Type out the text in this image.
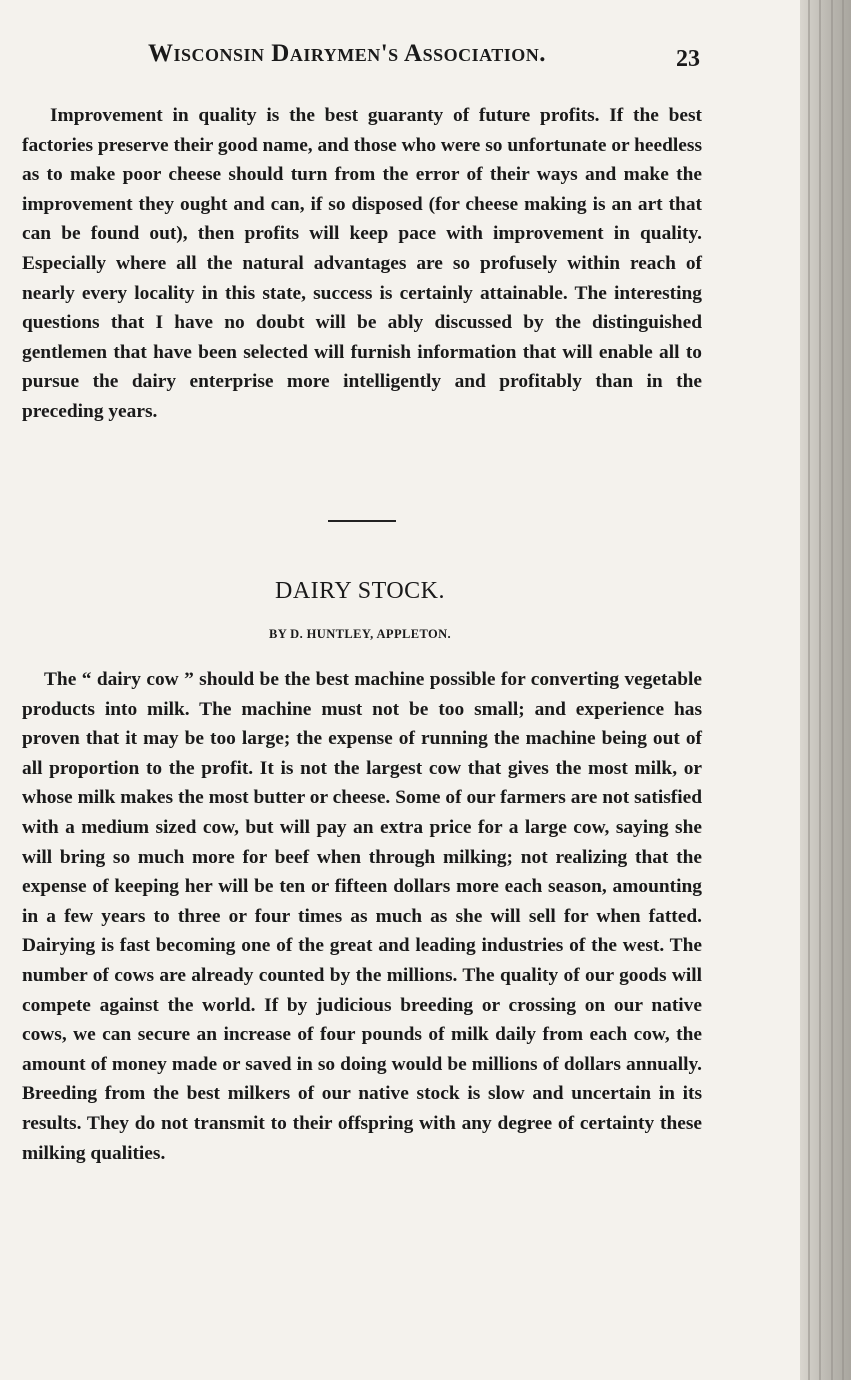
Wisconsin Dairymen's Association.	23

Improvement in quality is the best guaranty of future profits. If the best factories preserve their good name, and those who were so unfortunate or heedless as to make poor cheese should turn from the error of their ways and make the improvement they ought and can, if so disposed (for cheese making is an art that can be found out), then profits will keep pace with improvement in quality. Especially where all the natural advantages are so profusely within reach of nearly every locality in this state, success is certainly attainable. The interesting questions that I have no doubt will be ably discussed by the distinguished gentlemen that have been selected will furnish information that will enable all to pursue the dairy enterprise more intelligently and profitably than in the preceding years.

DAIRY STOCK.
BY D. HUNTLEY, APPLETON.

The “ dairy cow ” should be the best machine possible for converting vegetable products into milk. The machine must not be too small; and experience has proven that it may be too large; the expense of running the machine being out of all proportion to the profit. It is not the largest cow that gives the most milk, or whose milk makes the most butter or cheese. Some of our farmers are not satisfied with a medium sized cow, but will pay an extra price for a large cow, saying she will bring so much more for beef when through milking; not realizing that the expense of keeping her will be ten or fifteen dollars more each season, amounting in a few years to three or four times as much as she will sell for when fatted. Dairying is fast becoming one of the great and leading industries of the west. The number of cows are already counted by the millions. The quality of our goods will compete against the world. If by judicious breeding or crossing on our native cows, we can secure an increase of four pounds of milk daily from each cow, the amount of money made or saved in so doing would be millions of dollars annually. Breeding from the best milkers of our native stock is slow and uncertain in its results. They do not transmit to their offspring with any degree of certainty these milking qualities.
